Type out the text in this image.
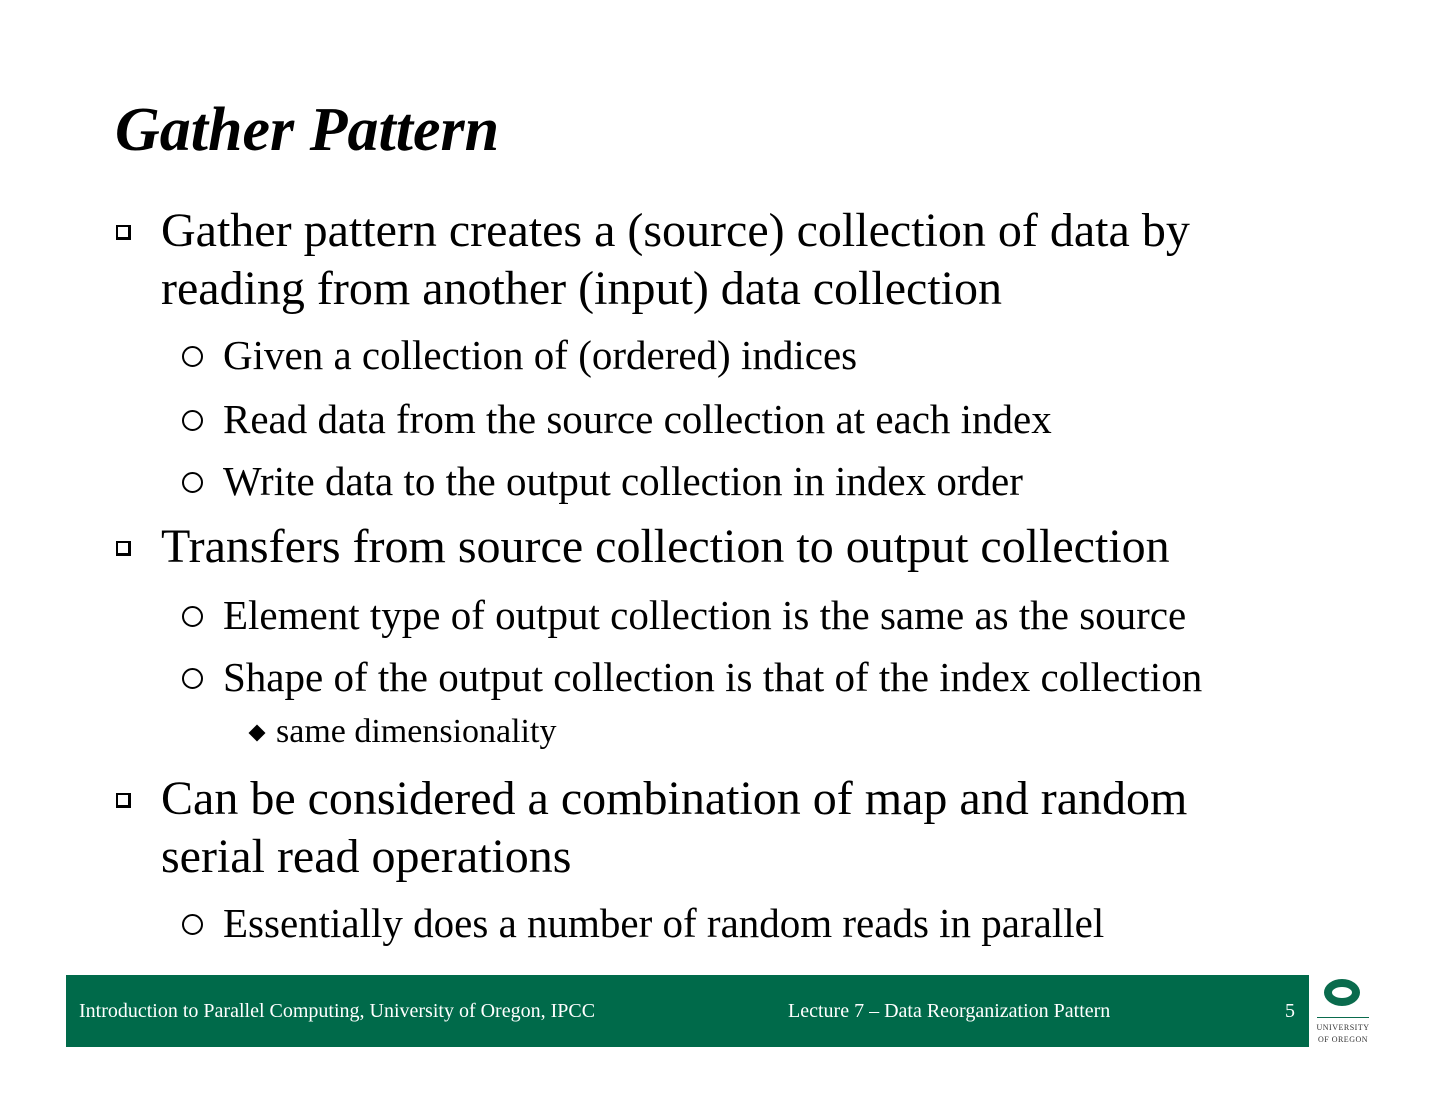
Gather Pattern
Gather pattern creates a (source) collection of data by
reading from another (input) data collection
Given a collection of (ordered) indices
Read data from the source collection at each index
Write data to the output collection in index order
Transfers from source collection to output collection
Element type of output collection is the same as the source
Shape of the output collection is that of the index collection
same dimensionality
Can be considered a combination of map and random
serial read operations
Essentially does a number of random reads in parallel
Introduction to Parallel Computing, University of Oregon, IPCC	Lecture 7 – Data Reorganization Pattern	5
UNIVERSITY
OF OREGON
